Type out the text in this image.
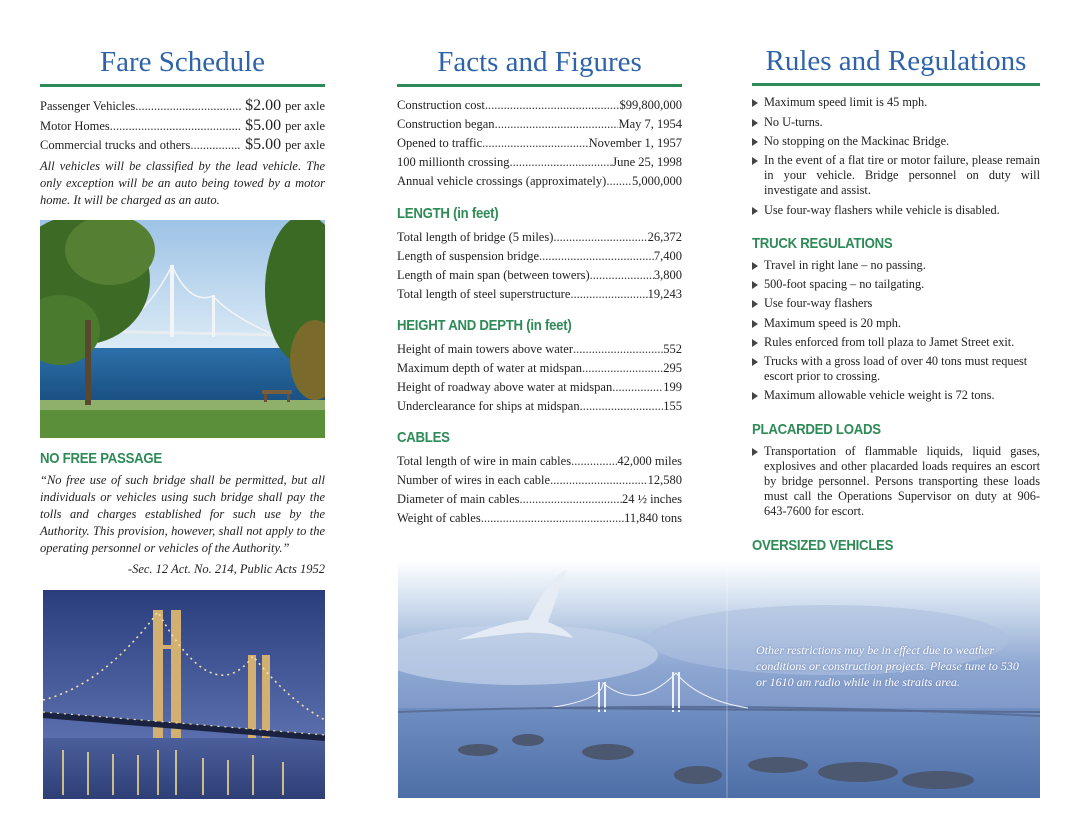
Fare Schedule
Passenger Vehicles .....	$2.00 per axle
Motor Homes .....	$5.00 per axle
Commercial trucks and others .....	$5.00 per axle
All vehicles will be classified by the lead vehicle. The only exception will be an auto being towed by a motor home. It will be charged as an auto.
NO FREE PASSAGE
“No free use of such bridge shall be permitted, but all individuals or vehicles using such bridge shall pay the tolls and charges established for such use by the Authority. This provision, however, shall not apply to the operating personnel or vehicles of the Authority.”
-Sec. 12 Act. No. 214, Public Acts 1952
Facts and Figures
Construction cost .....	$99,800,000
Construction began .....	May 7, 1954
Opened to traffic .....	November 1, 1957
100 millionth crossing .....	June 25, 1998
Annual vehicle crossings (approximately) ..... 5,000,000
LENGTH (in feet)
Total length of bridge (5 miles) .....	26,372
Length of suspension bridge .....	7,400
Length of main span (between towers) .....	3,800
Total length of steel superstructure .....	19,243
HEIGHT AND DEPTH (in feet)
Height of main towers above water .....	552
Maximum depth of water at midspan .....	295
Height of roadway above water at midspan .....	199
Underclearance for ships at midspan .....	155
CABLES
Total length of wire in main cables .....	42,000 miles
Number of wires in each cable .....	12,580
Diameter of main cables .....	24 ½ inches
Weight of cables .....	11,840 tons
Rules and Regulations
Maximum speed limit is 45 mph.
No U-turns.
No stopping on the Mackinac Bridge.
In the event of a flat tire or motor failure, please remain in your vehicle. Bridge personnel on duty will investigate and assist.
Use four-way flashers while vehicle is disabled.
TRUCK REGULATIONS
Travel in right lane – no passing.
500-foot spacing – no tailgating.
Use four-way flashers
Maximum speed is 20 mph.
Rules enforced from toll plaza to Jamet Street exit.
Trucks with a gross load of over 40 tons must request escort prior to crossing.
Maximum allowable vehicle weight is 72 tons.
PLACARDED LOADS
Transportation of flammable liquids, liquid gases, explosives and other placarded loads requires an escort by bridge personnel. Persons transporting these loads must call the Operations Supervisor on duty at 906-643-7600 for escort.
OVERSIZED VEHICLES
Other restrictions may be in effect due to weather conditions or construction projects. Please tune to 530 or 1610 am radio while in the straits area.
